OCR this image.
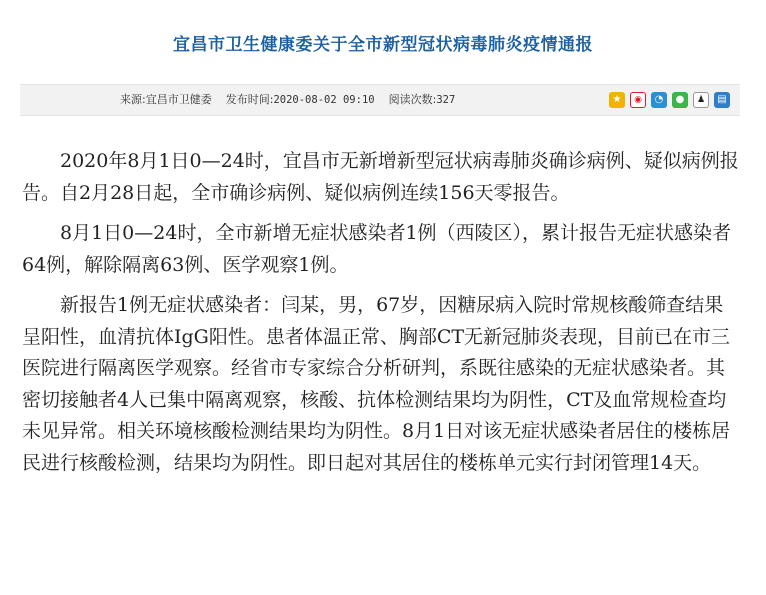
宜昌市卫生健康委关于全市新型冠状病毒肺炎疫情通报
来源:宜昌市卫健委 发布时间:2020-08-02 09:10 阅读次数:327	★	◉	◔	●	♟	▤

2020年8月1日0—24时，宜昌市无新增新型冠状病毒肺炎确诊病例、疑似病例报告。自2月28日起，全市确诊病例、疑似病例连续156天零报告。

8月1日0—24时，全市新增无症状感染者1例（西陵区），累计报告无症状感染者64例，解除隔离63例、医学观察1例。

新报告1例无症状感染者：闫某，男，67岁，因糖尿病入院时常规核酸筛查结果呈阳性，血清抗体IgG阳性。患者体温正常、胸部CT无新冠肺炎表现，目前已在市三医院进行隔离医学观察。经省市专家综合分析研判，系既往感染的无症状感染者。其密切接触者4人已集中隔离观察，核酸、抗体检测结果均为阴性，CT及血常规检查均未见异常。相关环境核酸检测结果均为阴性。8月1日对该无症状感染者居住的楼栋居民进行核酸检测，结果均为阴性。即日起对其居住的楼栋单元实行封闭管理14天。
